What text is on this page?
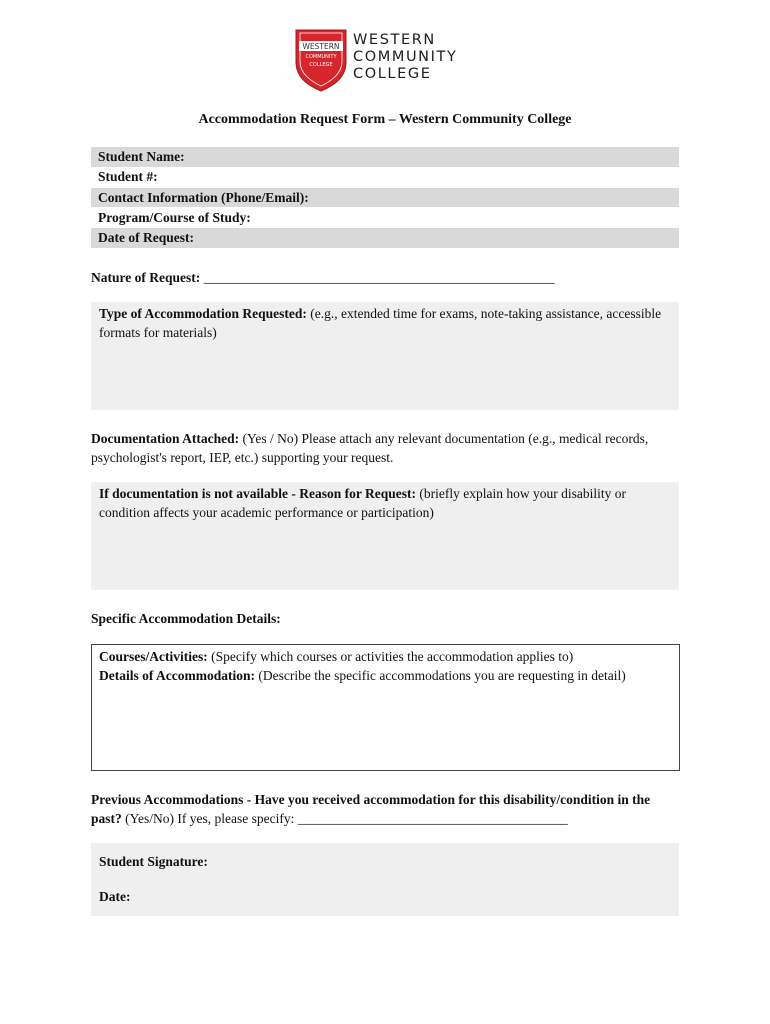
WESTERN
COMMUNITY
COLLEGE
WESTERN
COMMUNITY
COLLEGE
Accommodation Request Form – Western Community College
Student Name:
Student #:
Contact Information (Phone/Email):
Program/Course of Study:
Date of Request:
Nature of Request: ____________________________________________________
Type of Accommodation Requested: (e.g., extended time for exams, note-taking assistance, accessible formats for materials)
Documentation Attached: (Yes / No) Please attach any relevant documentation (e.g., medical records, psychologist's report, IEP, etc.) supporting your request.
If documentation is not available - Reason for Request: (briefly explain how your disability or condition affects your academic performance or participation)
Specific Accommodation Details:
Courses/Activities: (Specify which courses or activities the accommodation applies to)
Details of Accommodation: (Describe the specific accommodations you are requesting in detail)
Previous Accommodations - Have you received accommodation for this disability/condition in the past? (Yes/No) If yes, please specify: ________________________________________
Student Signature:
Date:
